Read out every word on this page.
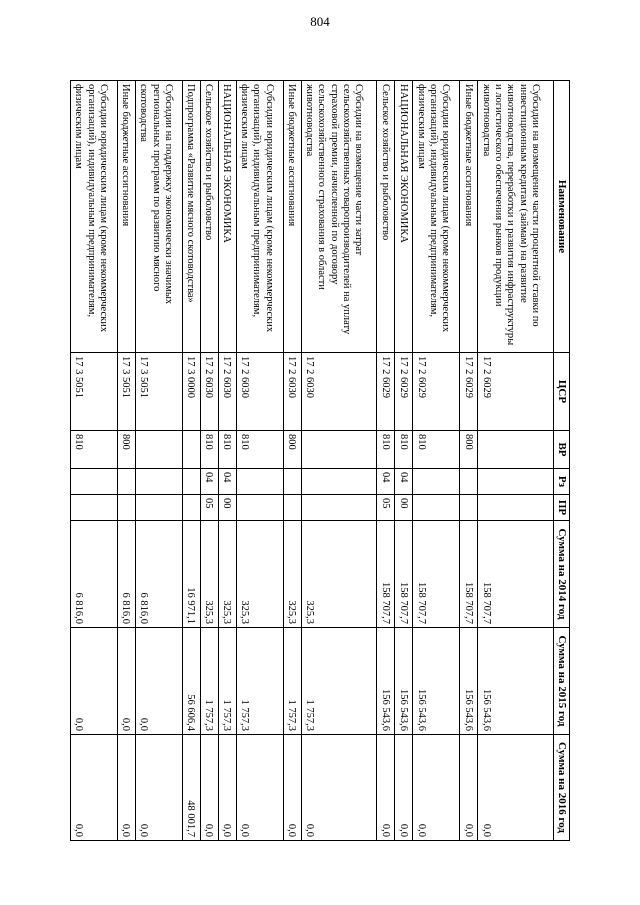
804
Наименование	ЦСР	ВР	Рз	ПР	Сумма на 2014 год	Сумма на 2015 год	Сумма на 2016 год
Субсидии на возмещение части процентной ставки по инвестиционным кредитам (займам) на развитие животноводства, переработки и развития инфраструктуры и логистического обеспечения рынков продукции животноводства	17 2 6029				158 707,7	156 543,6	0,0
Иные бюджетные ассигнования	17 2 6029	800			158 707,7	156 543,6	0,0
Субсидии юридическим лицам (кроме некоммерческих организаций), индивидуальным предпринимателям, физическим лицам	17 2 6029	810			158 707,7	156 543,6	0,0
НАЦИОНАЛЬНАЯ ЭКОНОМИКА	17 2 6029	810	04	00	158 707,7	156 543,6	0,0
Сельское хозяйство и рыболовство	17 2 6029	810	04	05	158 707,7	156 543,6	0,0
Субсидии на возмещение части затрат сельскохозяйственных товаропроизводителей на уплату страховой премии, начисленной по договору сельскохозяйственного страхования в области животноводства	17 2 6030				325,3	1 757,3	0,0
Иные бюджетные ассигнования	17 2 6030	800			325,3	1 757,3	0,0
Субсидии юридическим лицам (кроме некоммерческих организаций), индивидуальным предпринимателям, физическим лицам	17 2 6030	810			325,3	1 757,3	0,0
НАЦИОНАЛЬНАЯ ЭКОНОМИКА	17 2 6030	810	04	00	325,3	1 757,3	0,0
Сельское хозяйство и рыболовство	17 2 6030	810	04	05	325,3	1 757,3	0,0
Подпрограмма «Развитие мясного скотоводства»	17 3 0000				16 971,1	56 606,4	48 001,7
Субсидии на поддержку экономически значимых региональных программ по развитию мясного скотоводства	17 3 5051				6 816,0	0,0	0,0
Иные бюджетные ассигнования	17 3 5051	800			6 816,0	0,0	0,0
Субсидии юридическим лицам (кроме некоммерческих организаций), индивидуальным предпринимателям, физическим лицам	17 3 5051	810			6 816,0	0,0	0,0
